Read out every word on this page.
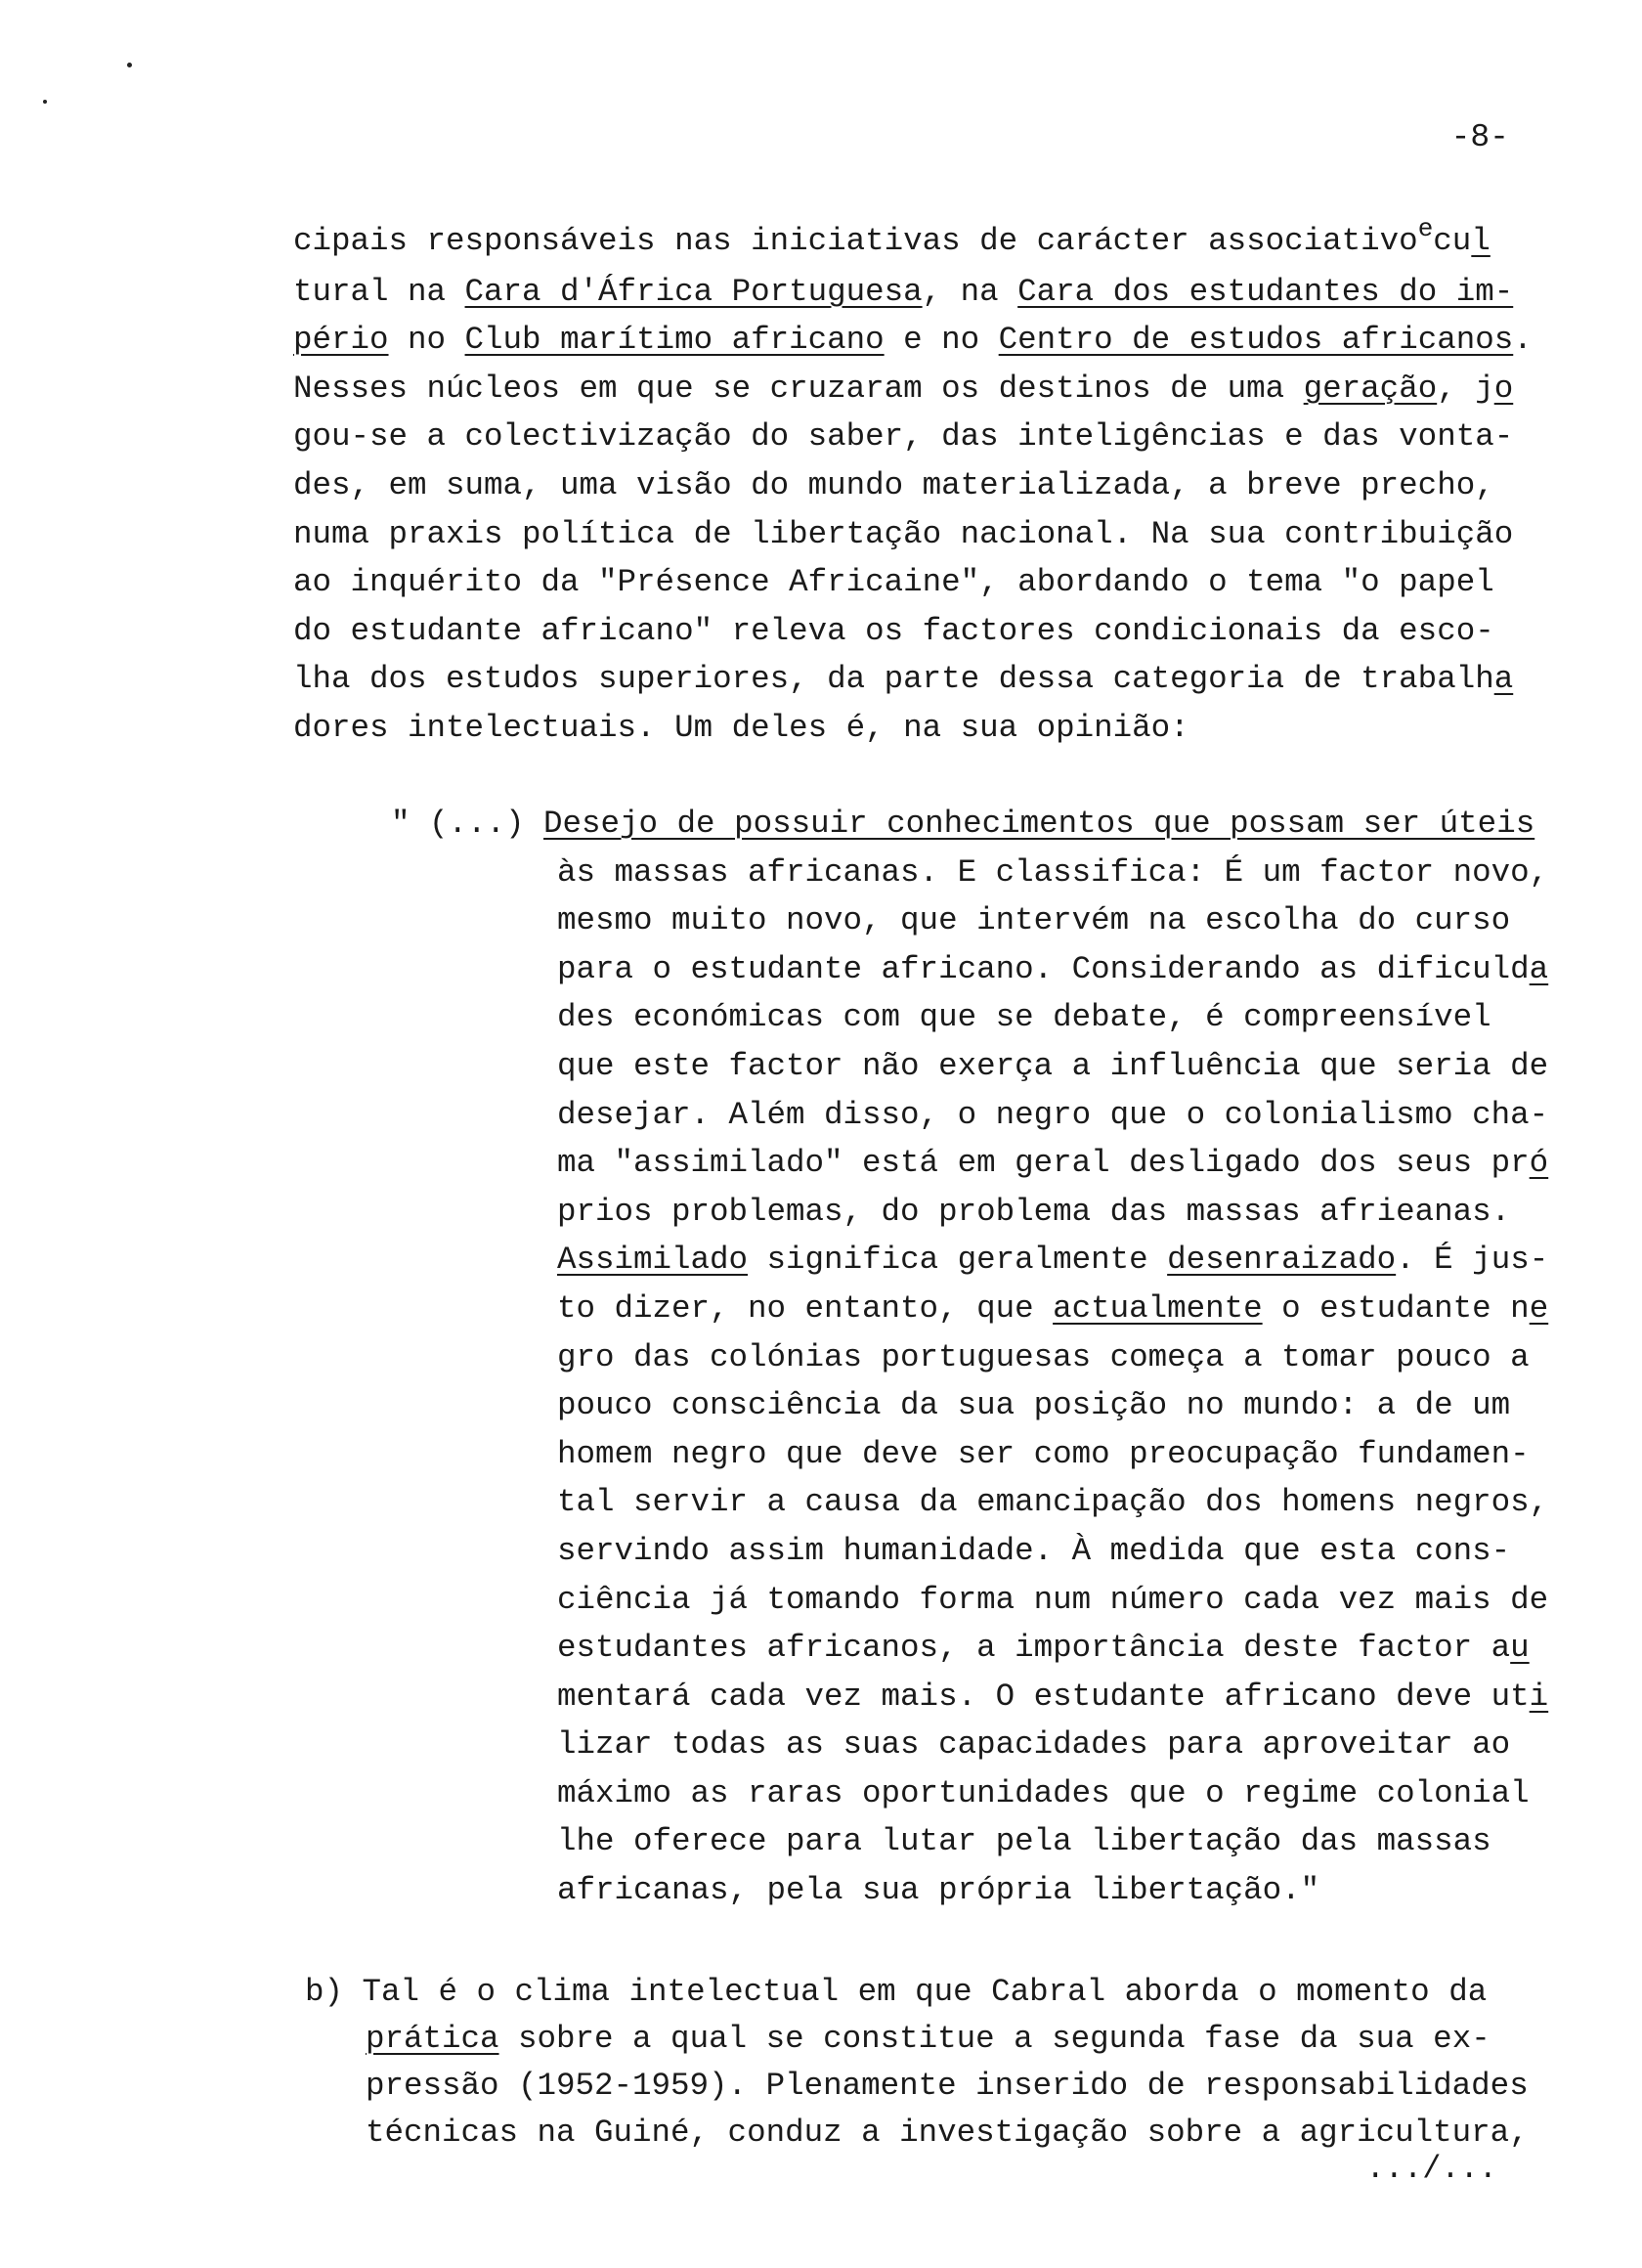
-8-
cipais responsáveis nas iniciativas de carácter associativo$^e$cul
tural na Cara d'África Portuguesa, na Cara dos estudantes do im-
pério no Club marítimo africano e no Centro de estudos africanos.
Nesses núcleos em que se cruzaram os destinos de uma geração, jo
gou-se a colectivização do saber, das inteligências e das vonta-
des, em suma, uma visão do mundo materializada, a breve precho,
numa praxis política de libertação nacional. Na sua contribuição
ao inquérito da "Présence Africaine", abordando o tema "o papel
do estudante africano" releva os factores condicionais da esco-
lha dos estudos superiores, da parte dessa categoria de trabalha
dores intelectuais. Um deles é, na sua opinião:
" (...) Desejo de possuir conhecimentos que possam ser úteis
às massas africanas. E classifica: É um factor novo,
mesmo muito novo, que intervém na escolha do curso
para o estudante africano. Considerando as dificulda
des económicas com que se debate, é compreensível
que este factor não exerça a influência que seria de
desejar. Além disso, o negro que o colonialismo cha-
ma "assimilado" está em geral desligado dos seus pró
prios problemas, do problema das massas afrieanas.
Assimilado significa geralmente desenraizado. É jus-
to dizer, no entanto, que actualmente o estudante ne
gro das colónias portuguesas começa a tomar pouco a
pouco consciência da sua posição no mundo: a de um
homem negro que deve ser como preocupação fundamen-
tal servir a causa da emancipação dos homens negros,
servindo assim humanidade. À medida que esta cons-
ciência já tomando forma num número cada vez mais de
estudantes africanos, a importância deste factor au
mentará cada vez mais. O estudante africano deve uti
lizar todas as suas capacidades para aproveitar ao
máximo as raras oportunidades que o regime colonial
lhe oferece para lutar pela libertação das massas
africanas, pela sua própria libertação."
b) Tal é o clima intelectual em que Cabral aborda o momento da
prática sobre a qual se constitue a segunda fase da sua ex-
pressão (1952-1959). Plenamente inserido de responsabilidades
técnicas na Guiné, conduz a investigação sobre a agricultura,
.../...
